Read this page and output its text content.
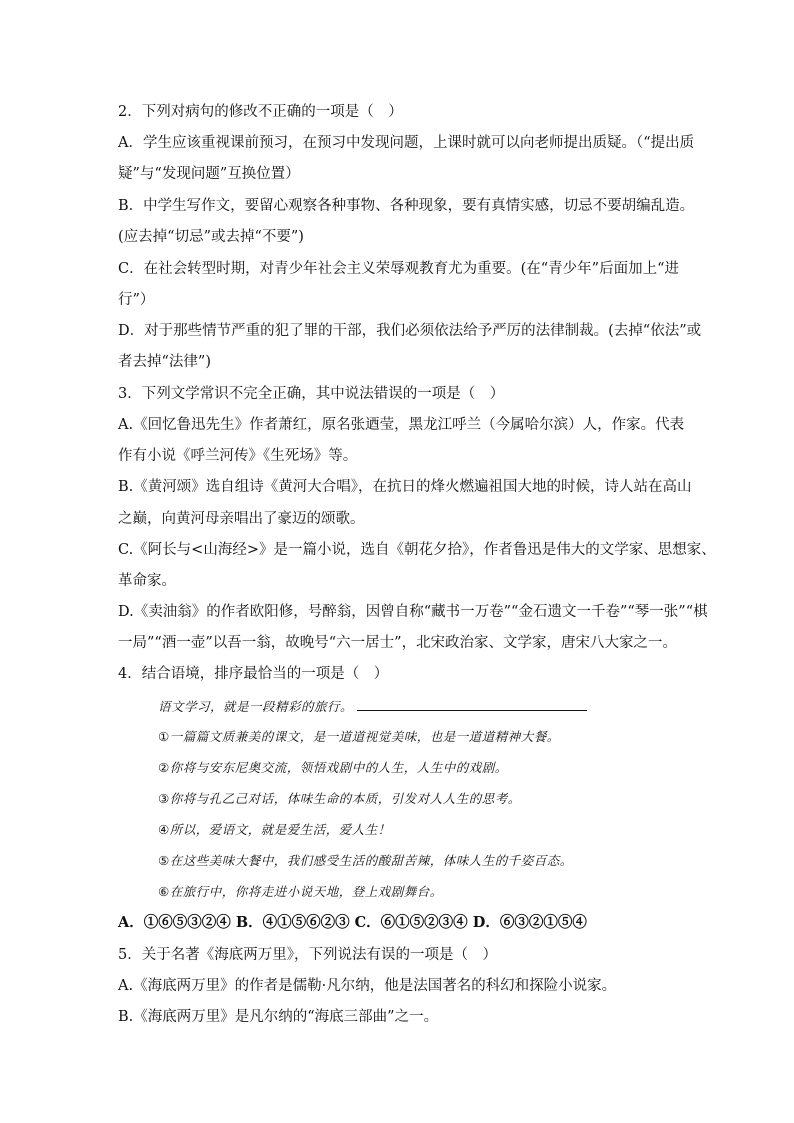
2．下列对病句的修改不正确的一项是（　）
A．学生应该重视课前预习，在预习中发现问题，上课时就可以向老师提出质疑。（“提出质
疑”与“发现问题”互换位置）
B．中学生写作文，要留心观察各种事物、各种现象，要有真情实感，切忌不要胡编乱造。
(应去掉“切忌”或去掉“不要”)
C．在社会转型时期，对青少年社会主义荣辱观教育尤为重要。(在“青少年”后面加上“进
行”）
D．对于那些情节严重的犯了罪的干部，我们必须依法给予严厉的法律制裁。(去掉“依法”或
者去掉“法律”)
3．下列文学常识不完全正确，其中说法错误的一项是（　）
A.《回忆鲁迅先生》作者萧红，原名张迺莹，黑龙江呼兰（今属哈尔滨）人，作家。代表
作有小说《呼兰河传》《生死场》等。
B.《黄河颂》选自组诗《黄河大合唱》，在抗日的烽火燃遍祖国大地的时候，诗人站在高山
之巅，向黄河母亲唱出了豪迈的颂歌。
C.《阿长与<山海经>》是一篇小说，选自《朝花夕拾》，作者鲁迅是伟大的文学家、思想家、
革命家。
D.《卖油翁》的作者欧阳修，号醉翁，因曾自称“藏书一万卷”“金石遗文一千卷”“琴一张”“棋
一局”“酒一壶”以吾一翁，故晚号“六一居士”，北宋政治家、文学家，唐宋八大家之一。
4．结合语境，排序最恰当的一项是（　）
语文学习，就是一段精彩的旅行。
①一篇篇文质兼美的课文，是一道道视觉美味，也是一道道精神大餐。
②你将与安东尼奥交流，领悟戏剧中的人生，人生中的戏剧。
③你将与孔乙己对话，体味生命的本质，引发对人人生的思考。
④所以，爱语文，就是爱生活，爱人生！
⑤在这些美味大餐中，我们感受生活的酸甜苦辣，体味人生的千姿百态。
⑥在旅行中，你将走进小说天地，登上戏剧舞台。
A．①⑥⑤③②④ B．④①⑤⑥②③ C．⑥①⑤②③④ D．⑥③②①⑤④
5．关于名著《海底两万里》，下列说法有误的一项是（　）
A.《海底两万里》的作者是儒勒·凡尔纳，他是法国著名的科幻和探险小说家。
B.《海底两万里》是凡尔纳的“海底三部曲”之一。
